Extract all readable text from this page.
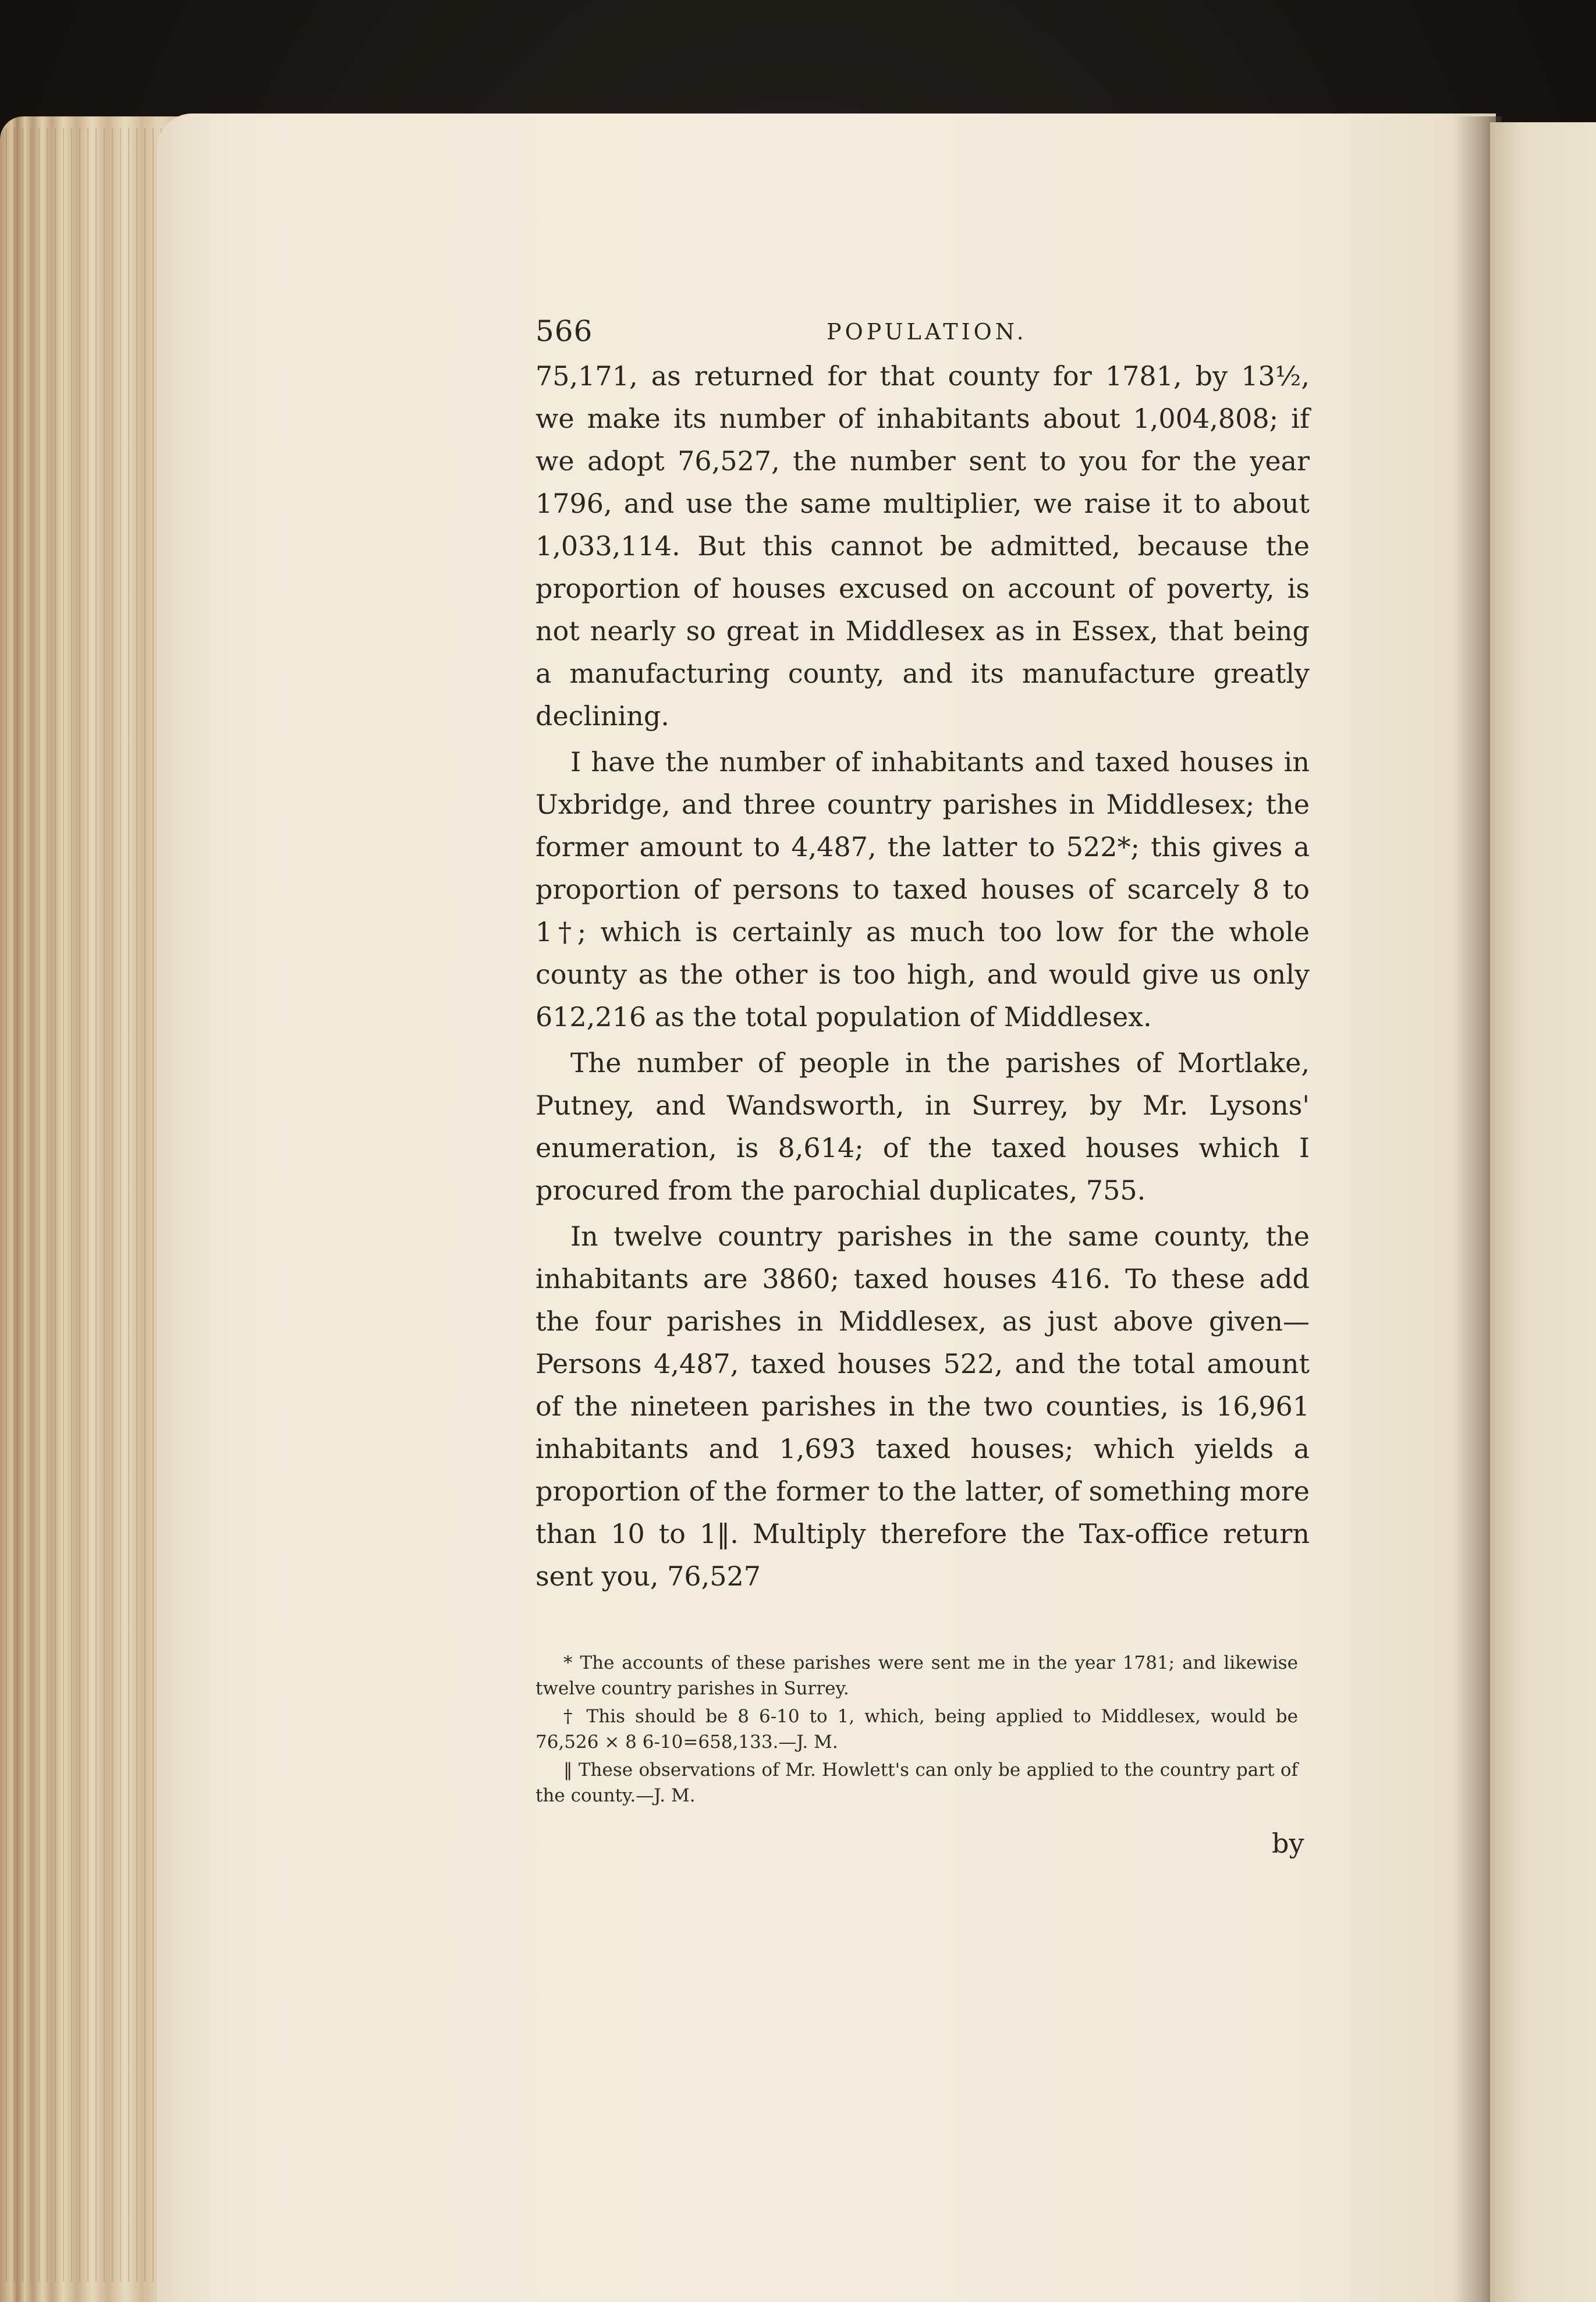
566	POPULATION.

75,171, as returned for that county for 1781, by 13½, we make its number of inhabitants about 1,004,808; if we adopt 76,527, the number sent to you for the year 1796, and use the same multiplier, we raise it to about 1,033,114. But this cannot be admitted, because the proportion of houses excused on account of poverty, is not nearly so great in Middlesex as in Essex, that being a manufacturing county, and its manufacture greatly declining.

I have the number of inhabitants and taxed houses in Uxbridge, and three country parishes in Middlesex; the former amount to 4,487, the latter to 522*; this gives a proportion of persons to taxed houses of scarcely 8 to 1†; which is certainly as much too low for the whole county as the other is too high, and would give us only 612,216 as the total population of Middlesex.

The number of people in the parishes of Mortlake, Putney, and Wandsworth, in Surrey, by Mr. Lysons' enumeration, is 8,614; of the taxed houses which I procured from the parochial duplicates, 755.

In twelve country parishes in the same county, the inhabitants are 3860; taxed houses 416. To these add the four parishes in Middlesex, as just above given—Persons 4,487, taxed houses 522, and the total amount of the nineteen parishes in the two counties, is 16,961 inhabitants and 1,693 taxed houses; which yields a proportion of the former to the latter, of something more than 10 to 1‖. Multiply therefore the Tax-office return sent you, 76,527

* The accounts of these parishes were sent me in the year 1781; and likewise twelve country parishes in Surrey.

† This should be 8 6-10 to 1, which, being applied to Middlesex, would be 76,526 × 8 6-10=658,133.—J. M.

‖ These observations of Mr. Howlett's can only be applied to the country part of the county.—J. M.

by
